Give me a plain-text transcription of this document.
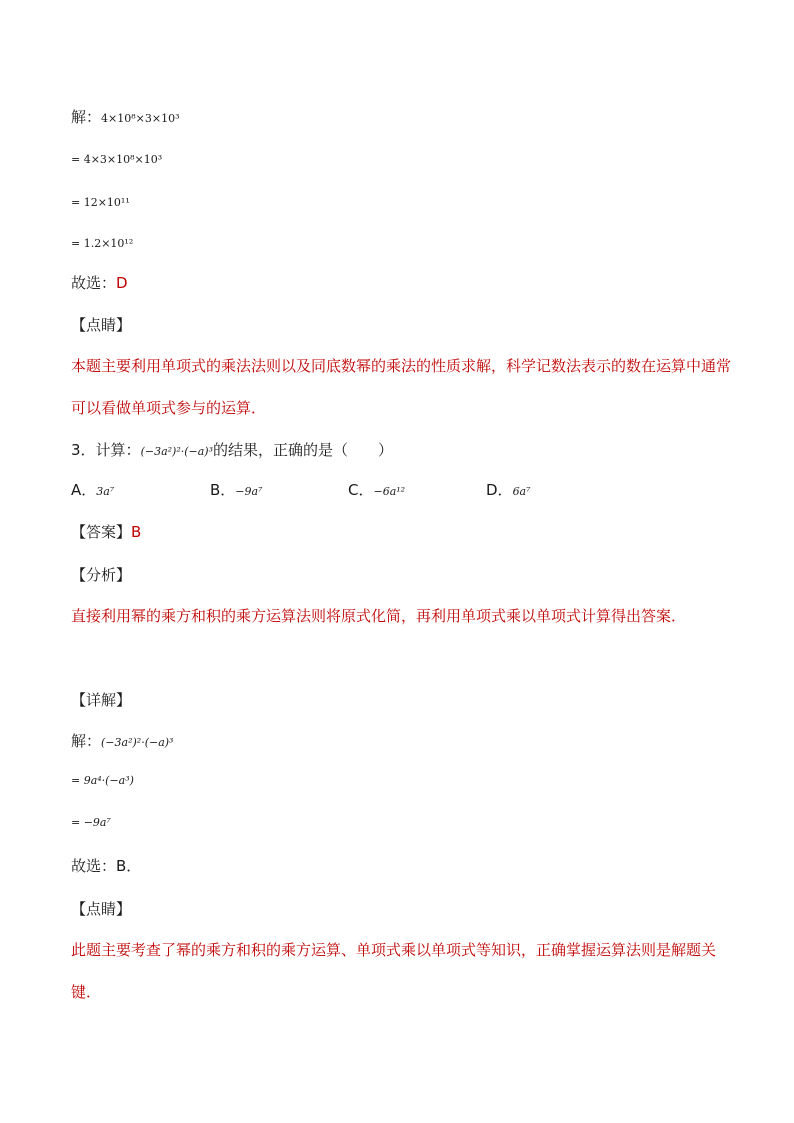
解：4×10⁸×3×10³
= 4×3×10⁸×10³
= 12×10¹¹
= 1.2×10¹²
故选：D
【点睛】
本题主要利用单项式的乘法法则以及同底数幂的乘法的性质求解，科学记数法表示的数在运算中通常可以看做单项式参与的运算．
3．计算：(−3a²)²·(−a)³的结果，正确的是（ ）
A．3a⁷	B．−9a⁷	C．−6a¹²	D．6a⁷
【答案】B
【分析】
直接利用幂的乘方和积的乘方运算法则将原式化简，再利用单项式乘以单项式计算得出答案．
【详解】
解：(−3a²)²·(−a)³
= 9a⁴·(−a³)
= −9a⁷
故选：B．
【点睛】
此题主要考查了幂的乘方和积的乘方运算、单项式乘以单项式等知识，正确掌握运算法则是解题关键．
